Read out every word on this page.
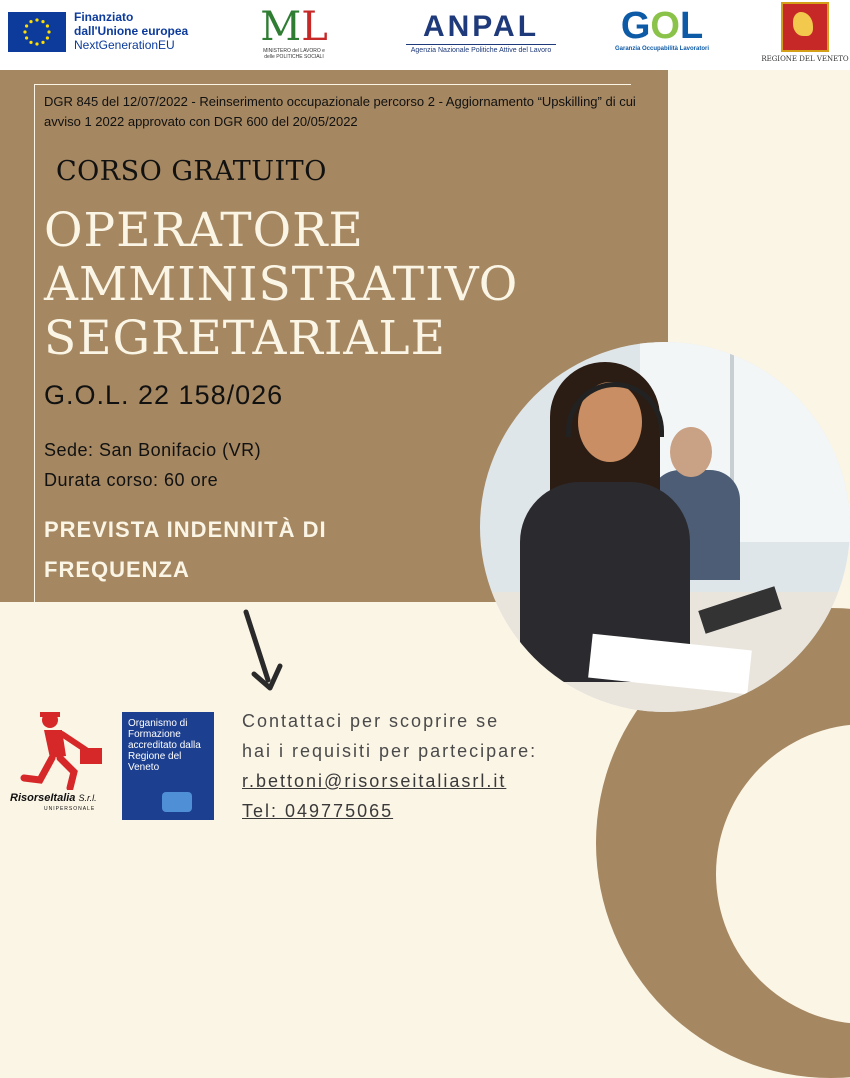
Finanziato
dall'Unione europea
NextGenerationEU	ML
MINISTERO del LAVORO e delle POLITICHE SOCIALI
ANPAL
Agenzia Nazionale Politiche Attive del Lavoro
GOL
Garanzia Occupabilità Lavoratori
REGIONE DEL VENETO
DGR 845 del 12/07/2022 - Reinserimento occupazionale percorso 2 - Aggiornamento “Upskilling” di cui avviso 1 2022 approvato con DGR 600 del 20/05/2022
CORSO GRATUITO
OPERATORE
AMMINISTRATIVO
SEGRETARIALE
G.O.L. 22 158/026
Sede: San Bonifacio (VR)
Durata corso: 60 ore
PREVISTA INDENNITÀ DI
FREQUENZA
RisorseItalia S.r.l.
UNIPERSONALE
Organismo di Formazione accreditato dalla Regione del Veneto
Contattaci per scoprire se
hai i requisiti per partecipare:
r.bettoni@risorseitaliasrl.it
Tel: 049775065
